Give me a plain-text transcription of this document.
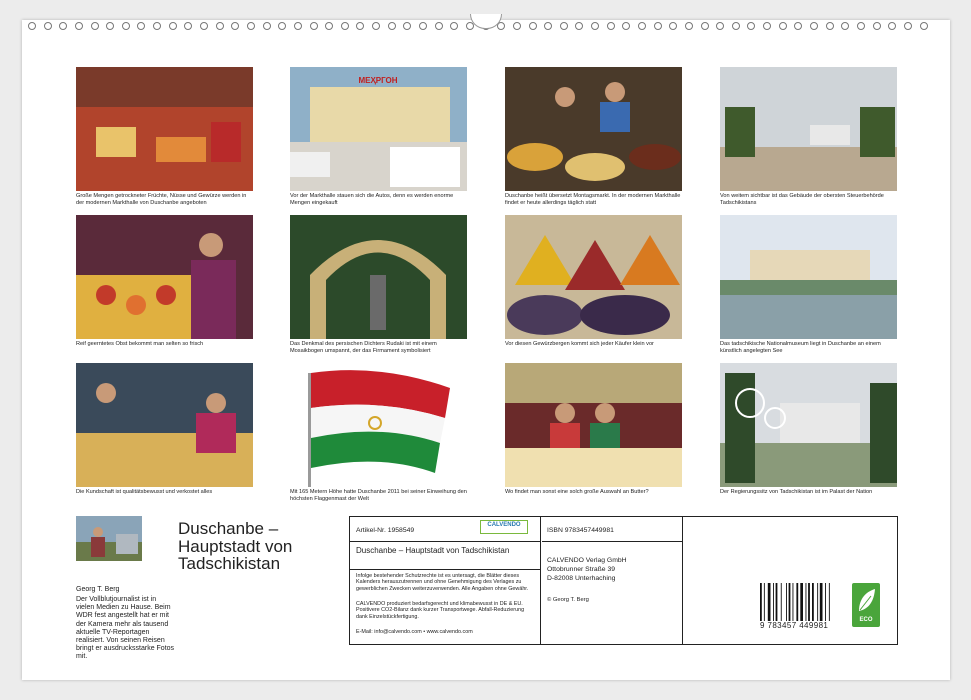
Große Mengen getrockneter Früchte, Nüsse und Gewürze werden in der modernen Markthalle von Duschanbe angeboten
МЕҲРГОН
Vor der Markthalle stauen sich die Autos, denn es werden enorme Mengen eingekauft
Duschanbe heißt übersetzt Montagsmarkt. In der modernen Markthalle findet er heute allerdings täglich statt
Von weitem sichtbar ist das Gebäude der obersten Steuerbehörde Tadschikistans
Reif geerntetes Obst bekommt man selten so frisch	Das Denkmal des persischen Dichters Rudaki ist mit einem Mosaikbogen umspannt, der das Firmament symbolisiert
Vor diesen Gewürzbergen kommt sich jeder Käufer klein vor	Das tadschikische Nationalmuseum liegt in Duschanbe an einem künstlich angelegten See
Die Kundschaft ist qualitätsbewusst und verkostet alles	Mit 165 Metern Höhe hatte Duschanbe 2011 bei seiner Einweihung den höchsten Flaggenmast der Welt
Wo findet man sonst eine solch große Auswahl an Butter?	Der Regierungssitz von Tadschikistan ist im Palast der Nation
Duschanbe – Hauptstadt von Tadschikistan
Georg T. Berg
Der Vollblutjournalist ist in vielen Medien zu Hause. Beim WDR fest angestellt hat er mit der Kamera mehr als tausend aktuelle TV-Reportagen realisiert. Von seinen Reisen bringt er ausdrucksstarke Fotos mit.
Artikel-Nr. 1958549
CALVENDO
Duschanbe – Hauptstadt von Tadschikistan
Infolge bestehender Schutzrechte ist es untersagt, die Blätter dieses Kalenders herauszutrennen und ohne Genehmigung des Verlages zu gewerblichen Zwecken weiterzuverwenden. Alle Angaben ohne Gewähr.
CALVENDO produziert bedarfsgerecht und klimabewusst in DE & EU. Positivere CO2-Bilanz dank kurzer Transportwege. Abfall-Reduzierung dank Einzelstückfertigung.
E-Mail: info@calvendo.com • www.calvendo.com
ISBN 9783457449981
CALVENDO Verlag GmbH
Ottobrunner Straße 39
D-82008 Unterhaching
© Georg T. Berg
9 783457 449981
ECO
